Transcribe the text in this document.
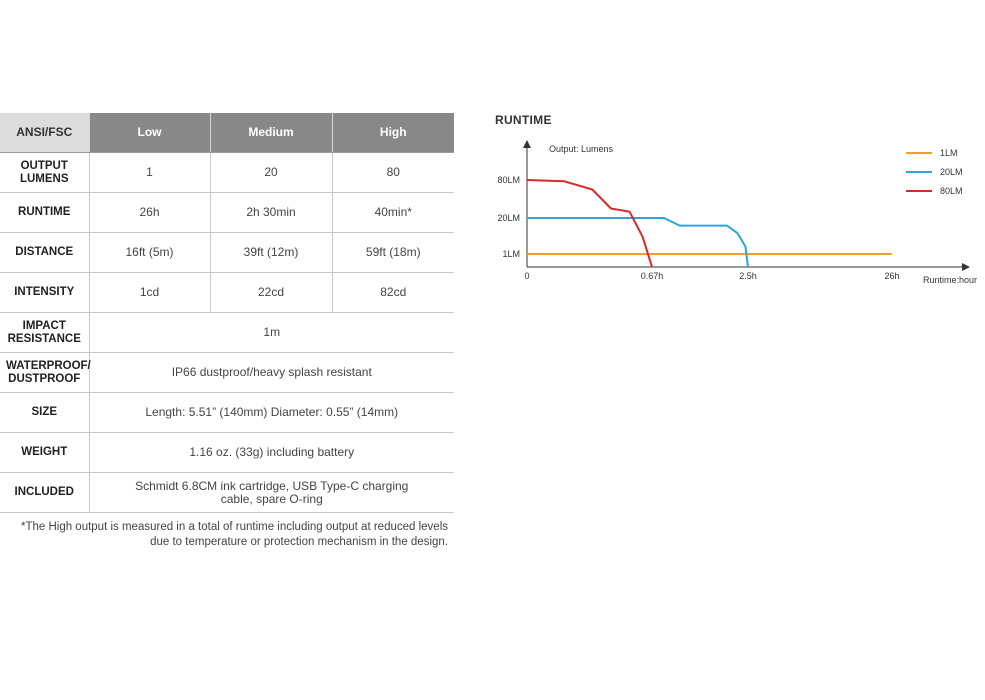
ANSI/FSC	Low	Medium	High
OUTPUT
LUMENS	1	20	80
RUNTIME	26h	2h 30min	40min*
DISTANCE	16ft (5m)	39ft (12m)	59ft (18m)
INTENSITY	1cd	22cd	82cd
IMPACT
RESISTANCE	1m		
WATERPROOF/
DUSTPROOF	IP66 dustproof/heavy splash resistant		
SIZE	Length: 5.51” (140mm) Diameter: 0.55” (14mm)		
WEIGHT	1.16 oz. (33g) including battery		
INCLUDED	Schmidt 6.8CM ink cartridge, USB Type-C charging cable, spare O-ring		
*The High output is measured in a total of runtime including output at reduced levels
due to temperature or protection mechanism in the design.
RUNTIME
Output: Lumens
Runtime:hour
1LM
20LM
80LM
0	0.67h	2.5h	26h
1LM
20LM
80LM
